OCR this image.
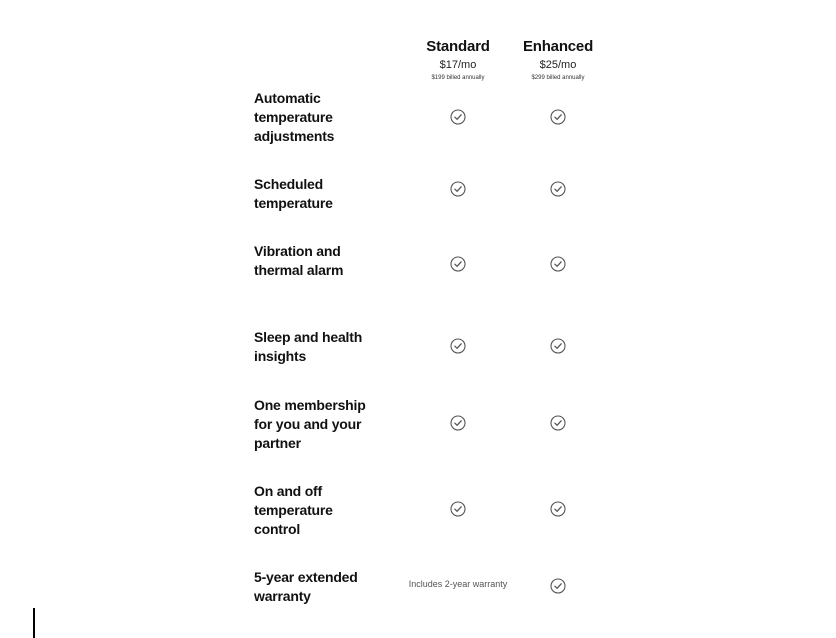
Standard
$17/mo
$199 billed annually
Enhanced
$25/mo
$299 billed annually
Automatic temperature adjustments
Scheduled temperature
Vibration and thermal alarm
Sleep and health insights
One membership for you and your partner
On and off temperature control
5-year extended warranty
Includes 2-year warranty
